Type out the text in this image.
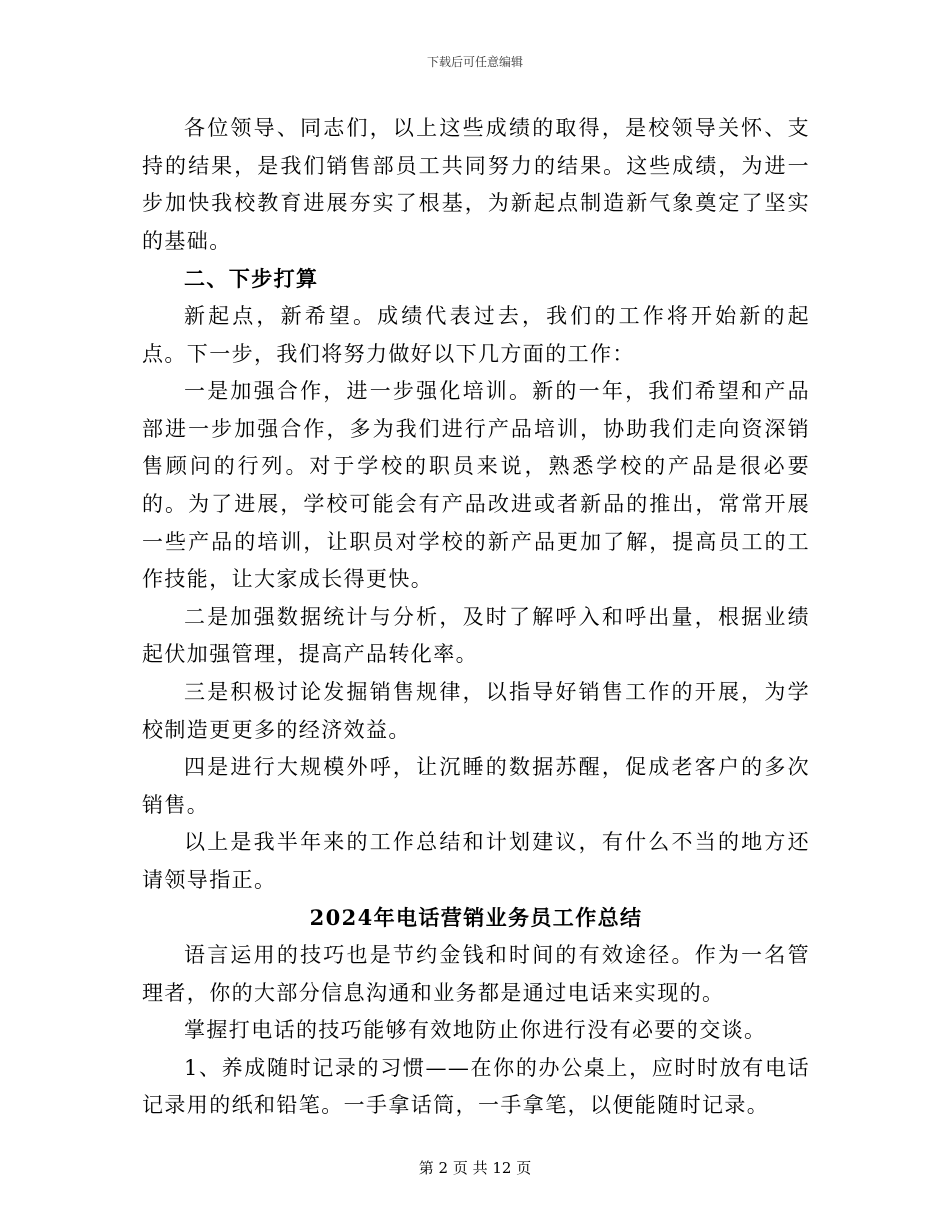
下载后可任意编辑

各位领导、同志们，以上这些成绩的取得，是校领导关怀、支持的结果，是我们销售部员工共同努力的结果。这些成绩，为进一步加快我校教育进展夯实了根基，为新起点制造新气象奠定了坚实的基础。

二、下步打算

新起点，新希望。成绩代表过去，我们的工作将开始新的起点。下一步，我们将努力做好以下几方面的工作：

一是加强合作，进一步强化培训。新的一年，我们希望和产品部进一步加强合作，多为我们进行产品培训，协助我们走向资深销售顾问的行列。对于学校的职员来说，熟悉学校的产品是很必要的。为了进展，学校可能会有产品改进或者新品的推出，常常开展一些产品的培训，让职员对学校的新产品更加了解，提高员工的工作技能，让大家成长得更快。

二是加强数据统计与分析，及时了解呼入和呼出量，根据业绩起伏加强管理，提高产品转化率。

三是积极讨论发掘销售规律，以指导好销售工作的开展，为学校制造更更多的经济效益。

四是进行大规模外呼，让沉睡的数据苏醒，促成老客户的多次销售。

以上是我半年来的工作总结和计划建议，有什么不当的地方还请领导指正。

2024年电话营销业务员工作总结

语言运用的技巧也是节约金钱和时间的有效途径。作为一名管理者，你的大部分信息沟通和业务都是通过电话来实现的。

掌握打电话的技巧能够有效地防止你进行没有必要的交谈。

1、养成随时记录的习惯——在你的办公桌上，应时时放有电话记录用的纸和铅笔。一手拿话筒，一手拿笔，以便能随时记录。

第 2 页 共 12 页
